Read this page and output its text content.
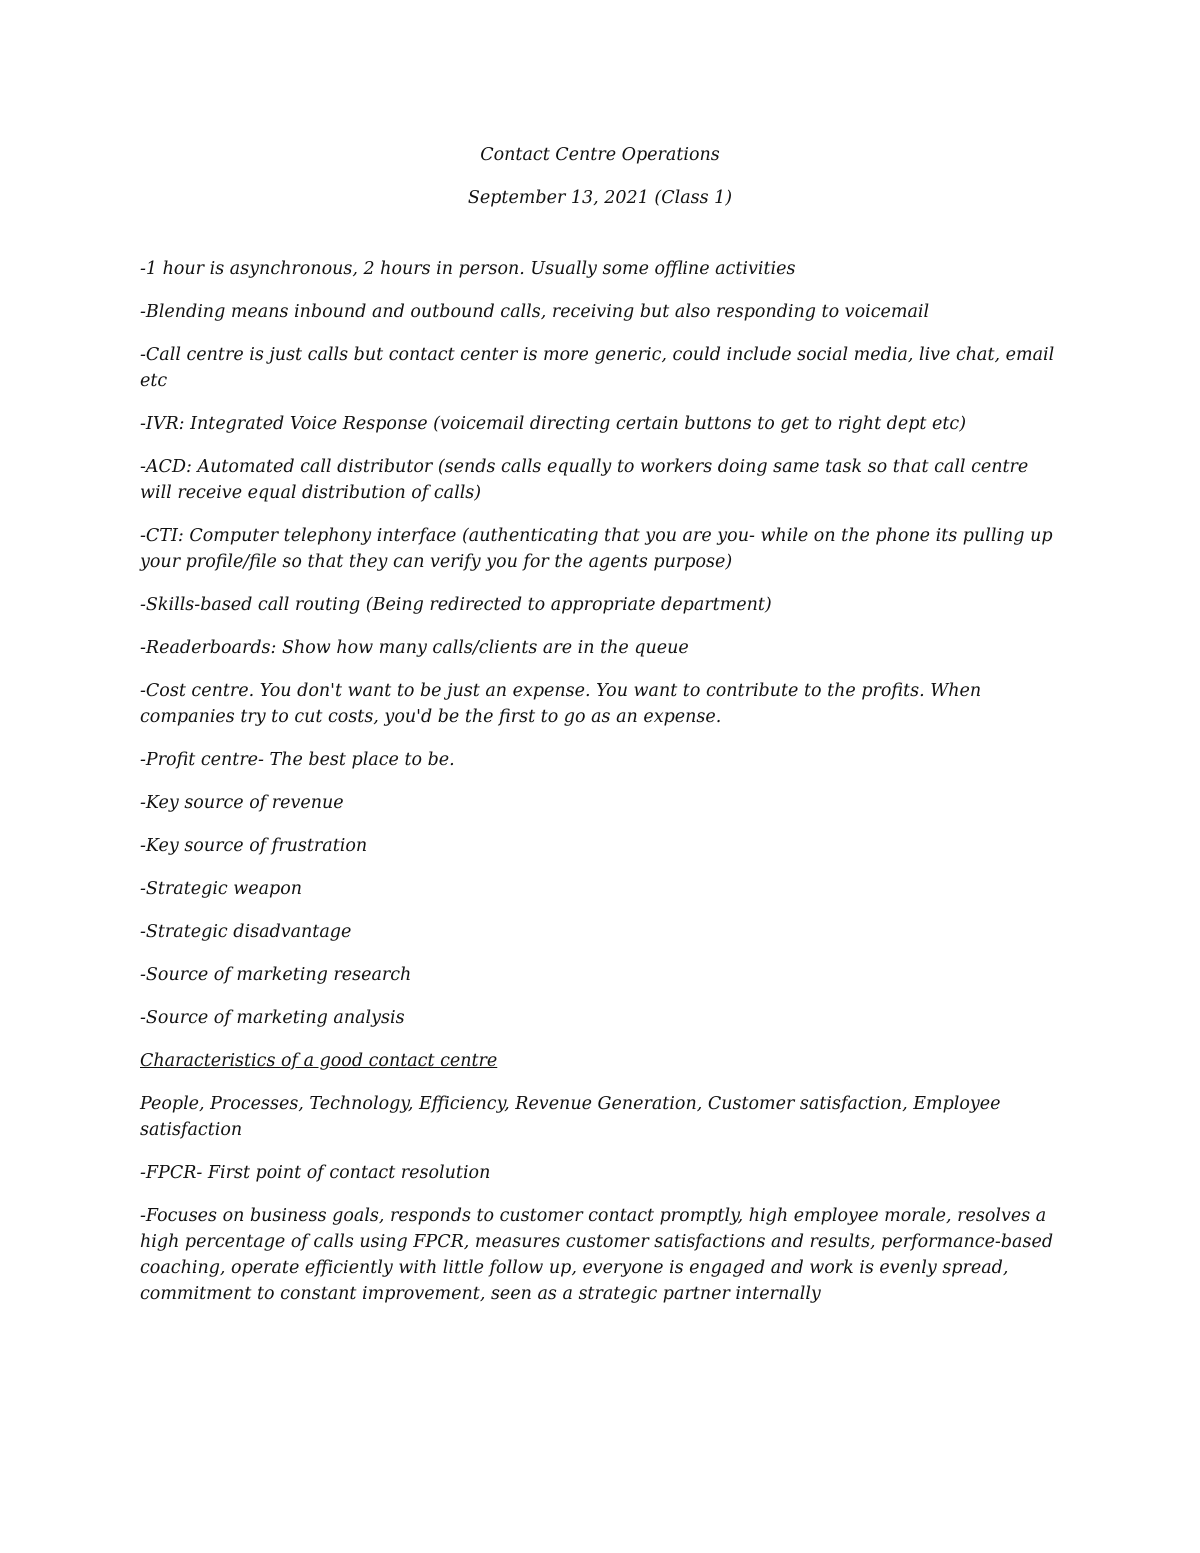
Contact Centre Operations

September 13, 2021 (Class 1)

-1 hour is asynchronous, 2 hours in person. Usually some offline activities

-Blending means inbound and outbound calls, receiving but also responding to voicemail

-Call centre is just calls but contact center is more generic, could include social media, live chat, email etc

-IVR: Integrated Voice Response (voicemail directing certain buttons to get to right dept etc)

-ACD: Automated call distributor (sends calls equally to workers doing same task so that call centre will receive equal distribution of calls)

-CTI: Computer telephony interface (authenticating that you are you- while on the phone its pulling up your profile/file so that they can verify you for the agents purpose)

-Skills-based call routing (Being redirected to appropriate department)

-Readerboards: Show how many calls/clients are in the queue

-Cost centre. You don't want to be just an expense. You want to contribute to the profits. When companies try to cut costs, you'd be the first to go as an expense.

-Profit centre- The best place to be.

-Key source of revenue

-Key source of frustration

-Strategic weapon

-Strategic disadvantage

-Source of marketing research

-Source of marketing analysis

Characteristics of a good contact centre

People, Processes, Technology, Efficiency, Revenue Generation, Customer satisfaction, Employee satisfaction

-FPCR- First point of contact resolution

-Focuses on business goals, responds to customer contact promptly, high employee morale, resolves a high percentage of calls using FPCR, measures customer satisfactions and results, performance-based coaching, operate efficiently with little follow up, everyone is engaged and work is evenly spread, commitment to constant improvement, seen as a strategic partner internally
